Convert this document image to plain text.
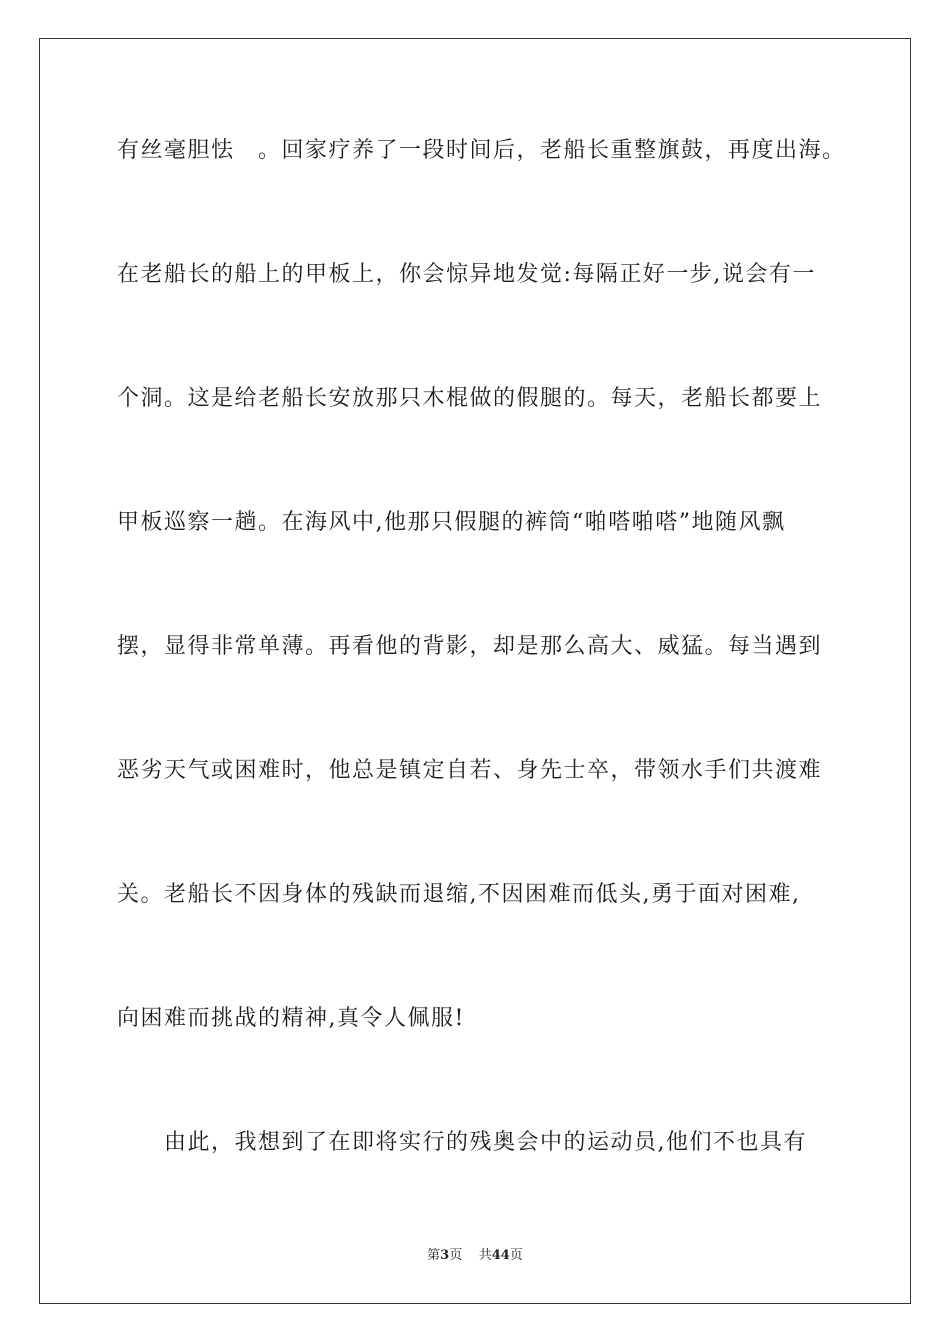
有丝毫胆怯　。回家疗养了一段时间后，老船长重整旗鼓，再度出海。
在老船长的船上的甲板上，你会惊异地发觉:每隔正好一步,说会有一
个洞。这是给老船长安放那只木棍做的假腿的。每天，老船长都要上
甲板巡察一趟。在海风中,他那只假腿的裤筒“啪嗒啪嗒”地随风飘
摆，显得非常单薄。再看他的背影，却是那么高大、威猛。每当遇到
恶劣天气或困难时，他总是镇定自若、身先士卒，带领水手们共渡难
关。老船长不因身体的残缺而退缩,不因困难而低头,勇于面对困难,
向困难而挑战的精神,真令人佩服!
　　由此，我想到了在即将实行的残奥会中的运动员,他们不也具有
第3页 共44页
